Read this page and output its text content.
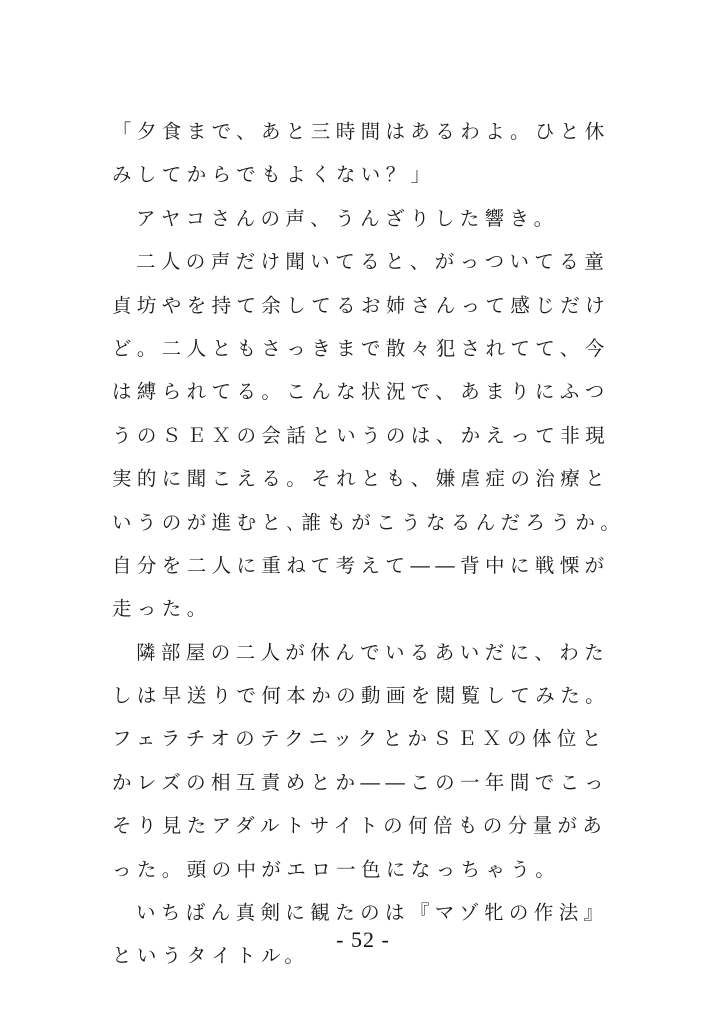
「夕食まで、あと三時間はあるわよ。ひと休
みしてからでもよくない？」
アヤコさんの声、うんざりした響き。
二人の声だけ聞いてると、がっついてる童
貞坊やを持て余してるお姉さんって感じだけ
ど。二人ともさっきまで散々犯されてて、今
は縛られてる。こんな状況で、あまりにふつ
うのＳＥＸの会話というのは、かえって非現
実的に聞こえる。それとも、嫌虐症の治療と
いうのが進むと､誰もがこうなるんだろうか。
自分を二人に重ねて考えて――背中に戦慄が
走った。
隣部屋の二人が休んでいるあいだに、わた
しは早送りで何本かの動画を閲覧してみた。
フェラチオのテクニックとかＳＥＸの体位と
かレズの相互責めとか――この一年間でこっ
そり見たアダルトサイトの何倍もの分量があ
った。頭の中がエロ一色になっちゃう。
いちばん真剣に観たのは『マゾ牝の作法』
というタイトル。
- 52 -
